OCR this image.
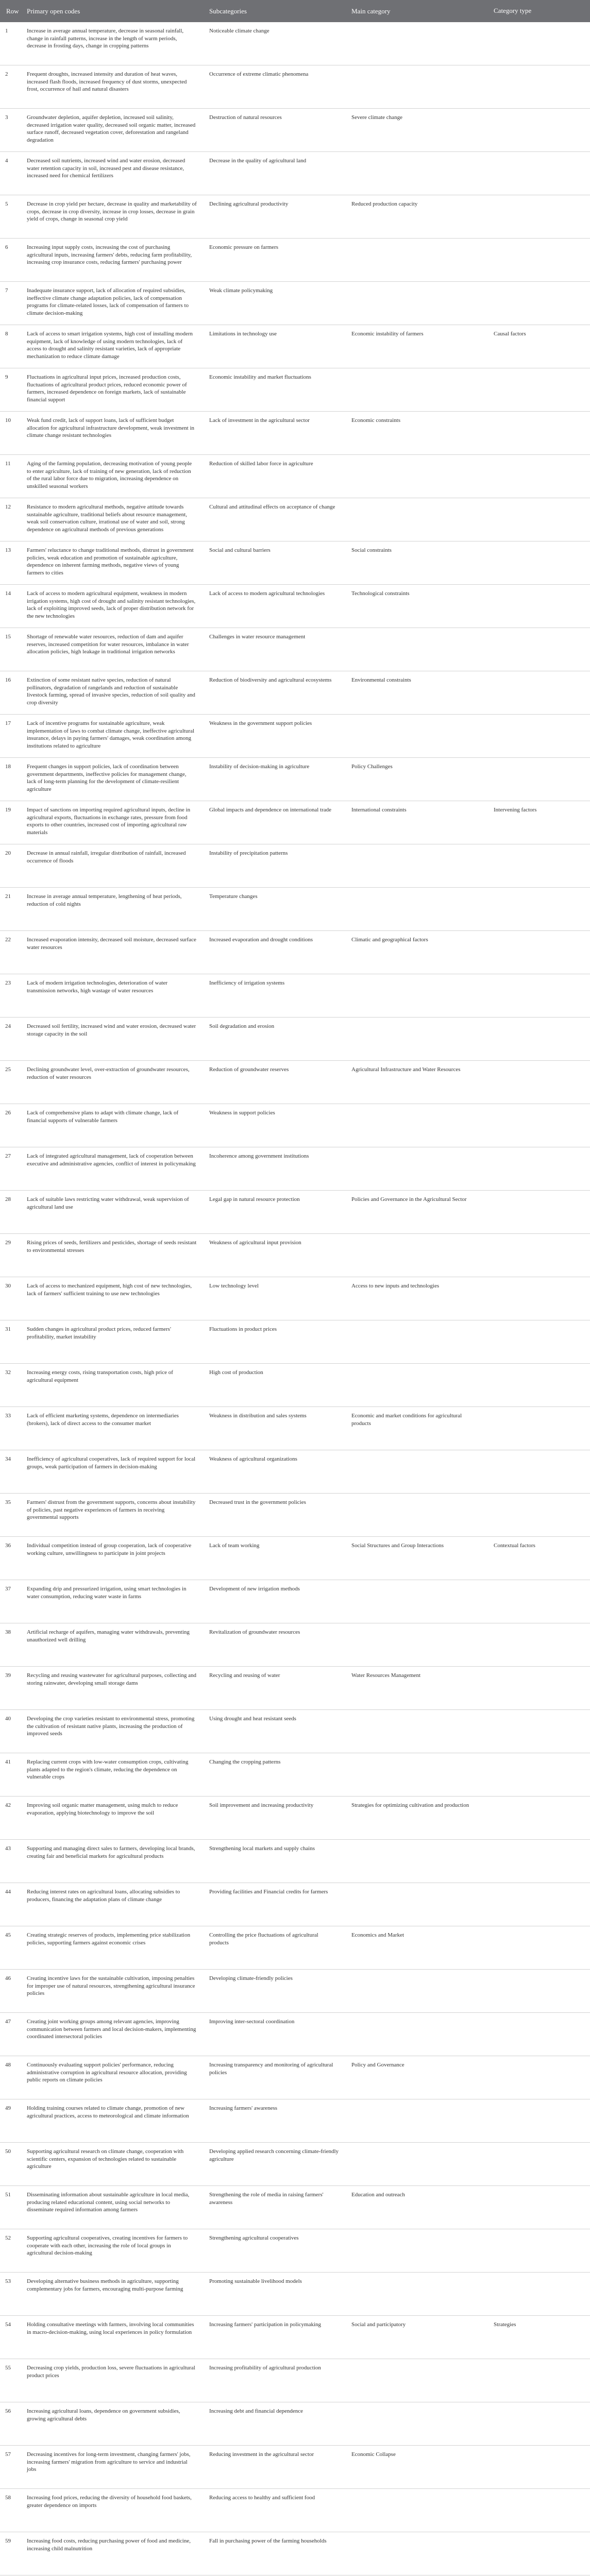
Row	Primary open codes	Subcategories	Main category	Category type
1	Increase in average annual temperature, decrease in seasonal rainfall, change in rainfall patterns, increase in the length of warm periods, decrease in frosting days, change in cropping patterns	Noticeable climate change		
2	Frequent droughts, increased intensity and duration of heat waves, increased flash floods, increased frequency of dust storms, unexpected frost, occurrence of hail and natural disasters	Occurrence of extreme climatic phenomena		
3	Groundwater depletion, aquifer depletion, increased soil salinity, decreased irrigation water quality, decreased soil organic matter, increased surface runoff, decreased vegetation cover, deforestation and rangeland degradation	Destruction of natural resources	Severe climate change	
4	Decreased soil nutrients, increased wind and water erosion, decreased water retention capacity in soil, increased pest and disease resistance, increased need for chemical fertilizers	Decrease in the quality of agricultural land		
5	Decrease in crop yield per hectare, decrease in quality and marketability of crops, decrease in crop diversity, increase in crop losses, decrease in grain yield of crops, change in seasonal crop yield	Declining agricultural productivity	Reduced production capacity	
6	Increasing input supply costs, increasing the cost of purchasing agricultural inputs, increasing farmers' debts, reducing farm profitability, increasing crop insurance costs, reducing farmers' purchasing power	Economic pressure on farmers		
7	Inadequate insurance support, lack of allocation of required subsidies, ineffective climate change adaptation policies, lack of compensation programs for climate-related losses, lack of compensation of farmers to climate decision-making	Weak climate policymaking		
8	Lack of access to smart irrigation systems, high cost of installing modern equipment, lack of knowledge of using modern technologies, lack of access to drought and salinity resistant varieties, lack of appropriate mechanization to reduce climate damage	Limitations in technology use	Economic instability of farmers	Causal factors
9	Fluctuations in agricultural input prices, increased production costs, fluctuations of agricultural product prices, reduced economic power of farmers, increased dependence on foreign markets, lack of sustainable financial support	Economic instability and market fluctuations		
10	Weak fund credit, lack of support loans, lack of sufficient budget allocation for agricultural infrastructure development, weak investment in climate change resistant technologies	Lack of investment in the agricultural sector	Economic constraints	
11	Aging of the farming population, decreasing motivation of young people to enter agriculture, lack of training of new generation, lack of reduction of the rural labor force due to migration, increasing dependence on unskilled seasonal workers	Reduction of skilled labor force in agriculture		
12	Resistance to modern agricultural methods, negative attitude towards sustainable agriculture, traditional beliefs about resource management, weak soil conservation culture, irrational use of water and soil, strong dependence on agricultural methods of previous generations	Cultural and attitudinal effects on acceptance of change		
13	Farmers' reluctance to change traditional methods, distrust in government policies, weak education and promotion of sustainable agriculture, dependence on inherent farming methods, negative views of young farmers to cities	Social and cultural barriers	Social constraints	
14	Lack of access to modern agricultural equipment, weakness in modern irrigation systems, high cost of drought and salinity resistant technologies, lack of exploiting improved seeds, lack of proper distribution network for the new technologies	Lack of access to modern agricultural technologies	Technological constraints	
15	Shortage of renewable water resources, reduction of dam and aquifer reserves, increased competition for water resources, imbalance in water allocation policies, high leakage in traditional irrigation networks	Challenges in water resource management		
16	Extinction of some resistant native species, reduction of natural pollinators, degradation of rangelands and reduction of sustainable livestock farming, spread of invasive species, reduction of soil quality and crop diversity	Reduction of biodiversity and agricultural ecosystems	Environmental constraints	
17	Lack of incentive programs for sustainable agriculture, weak implementation of laws to combat climate change, ineffective agricultural insurance, delays in paying farmers' damages, weak coordination among institutions related to agriculture	Weakness in the government support policies		
18	Frequent changes in support policies, lack of coordination between government departments, ineffective policies for management change, lack of long-term planning for the development of climate-resilient agriculture	Instability of decision-making in agriculture	Policy Challenges	
19	Impact of sanctions on importing required agricultural inputs, decline in agricultural exports, fluctuations in exchange rates, pressure from food exports to other countries, increased cost of importing agricultural raw materials	Global impacts and dependence on international trade	International constraints	Intervening factors
20	Decrease in annual rainfall, irregular distribution of rainfall, increased occurrence of floods	Instability of precipitation patterns		
21	Increase in average annual temperature, lengthening of heat periods, reduction of cold nights	Temperature changes		
22	Increased evaporation intensity, decreased soil moisture, decreased surface water resources	Increased evaporation and drought conditions	Climatic and geographical factors	
23	Lack of modern irrigation technologies, deterioration of water transmission networks, high wastage of water resources	Inefficiency of irrigation systems		
24	Decreased soil fertility, increased wind and water erosion, decreased water storage capacity in the soil	Soil degradation and erosion		
25	Declining groundwater level, over-extraction of groundwater resources, reduction of water resources	Reduction of groundwater reserves	Agricultural Infrastructure and Water Resources	
26	Lack of comprehensive plans to adapt with climate change, lack of financial supports of vulnerable farmers	Weakness in support policies		
27	Lack of integrated agricultural management, lack of cooperation between executive and administrative agencies, conflict of interest in policymaking	Incoherence among government institutions		
28	Lack of suitable laws restricting water withdrawal, weak supervision of agricultural land use	Legal gap in natural resource protection	Policies and Governance in the Agricultural Sector	
29	Rising prices of seeds, fertilizers and pesticides, shortage of seeds resistant to environmental stresses	Weakness of agricultural input provision		
30	Lack of access to mechanized equipment, high cost of new technologies, lack of farmers' sufficient training to use new technologies	Low technology level	Access to new inputs and technologies	
31	Sudden changes in agricultural product prices, reduced farmers' profitability, market instability	Fluctuations in product prices		
32	Increasing energy costs, rising transportation costs, high price of agricultural equipment	High cost of production		
33	Lack of efficient marketing systems, dependence on intermediaries (brokers), lack of direct access to the consumer market	Weakness in distribution and sales systems	Economic and market conditions for agricultural products	
34	Inefficiency of agricultural cooperatives, lack of required support for local groups, weak participation of farmers in decision-making	Weakness of agricultural organizations		
35	Farmers' distrust from the government supports, concerns about instability of policies, past negative experiences of farmers in receiving governmental supports	Decreased trust in the government policies		
36	Individual competition instead of group cooperation, lack of cooperative working culture, unwillingness to participate in joint projects	Lack of team working	Social Structures and Group Interactions	Contextual factors
37	Expanding drip and pressurized irrigation, using smart technologies in water consumption, reducing water waste in farms	Development of new irrigation methods		
38	Artificial recharge of aquifers, managing water withdrawals, preventing unauthorized well drilling	Revitalization of groundwater resources		
39	Recycling and reusing wastewater for agricultural purposes, collecting and storing rainwater, developing small storage dams	Recycling and reusing of water	Water Resources Management	
40	Developing the crop varieties resistant to environmental stress, promoting the cultivation of resistant native plants, increasing the production of improved seeds	Using drought and heat resistant seeds		
41	Replacing current crops with low-water consumption crops, cultivating plants adapted to the region's climate, reducing the dependence on vulnerable crops	Changing the cropping patterns		
42	Improving soil organic matter management, using mulch to reduce evaporation, applying biotechnology to improve the soil	Soil improvement and increasing productivity	Strategies for optimizing cultivation and production	
43	Supporting and managing direct sales to farmers, developing local brands, creating fair and beneficial markets for agricultural products	Strengthening local markets and supply chains		
44	Reducing interest rates on agricultural loans, allocating subsidies to producers, financing the adaptation plans of climate change	Providing facilities and Financial credits for farmers		
45	Creating strategic reserves of products, implementing price stabilization policies, supporting farmers against economic crises	Controlling the price fluctuations of agricultural products	Economics and Market	
46	Creating incentive laws for the sustainable cultivation, imposing penalties for improper use of natural resources, strengthening agricultural insurance policies	Developing climate-friendly policies		
47	Creating joint working groups among relevant agencies, improving communication between farmers and local decision-makers, implementing coordinated intersectoral policies	Improving inter-sectoral coordination		
48	Continuously evaluating support policies' performance, reducing administrative corruption in agricultural resource allocation, providing public reports on climate policies	Increasing transparency and monitoring of agricultural policies	Policy and Governance	
49	Holding training courses related to climate change, promotion of new agricultural practices, access to meteorological and climate information	Increasing farmers' awareness		
50	Supporting agricultural research on climate change, cooperation with scientific centers, expansion of technologies related to sustainable agriculture	Developing applied research concerning climate-friendly agriculture		
51	Disseminating information about sustainable agriculture in local media, producing related educational content, using social networks to disseminate required information among farmers	Strengthening the role of media in raising farmers' awareness	Education and outreach	
52	Supporting agricultural cooperatives, creating incentives for farmers to cooperate with each other, increasing the role of local groups in agricultural decision-making	Strengthening agricultural cooperatives		
53	Developing alternative business methods in agriculture, supporting complementary jobs for farmers, encouraging multi-purpose farming	Promoting sustainable livelihood models		
54	Holding consultative meetings with farmers, involving local communities in macro-decision-making, using local experiences in policy formulation	Increasing farmers' participation in policymaking	Social and participatory	Strategies
55	Decreasing crop yields, production loss, severe fluctuations in agricultural product prices	Increasing profitability of agricultural production		
56	Increasing agricultural loans, dependence on government subsidies, growing agricultural debts	Increasing debt and financial dependence		
57	Decreasing incentives for long-term investment, changing farmers' jobs, increasing farmers' migration from agriculture to service and industrial jobs	Reducing investment in the agricultural sector	Economic Collapse	
58	Increasing food prices, reducing the diversity of household food baskets, greater dependence on imports	Reducing access to healthy and sufficient food		
59	Increasing food costs, reducing purchasing power of food and medicine, increasing child malnutrition	Fall in purchasing power of the farming households		
